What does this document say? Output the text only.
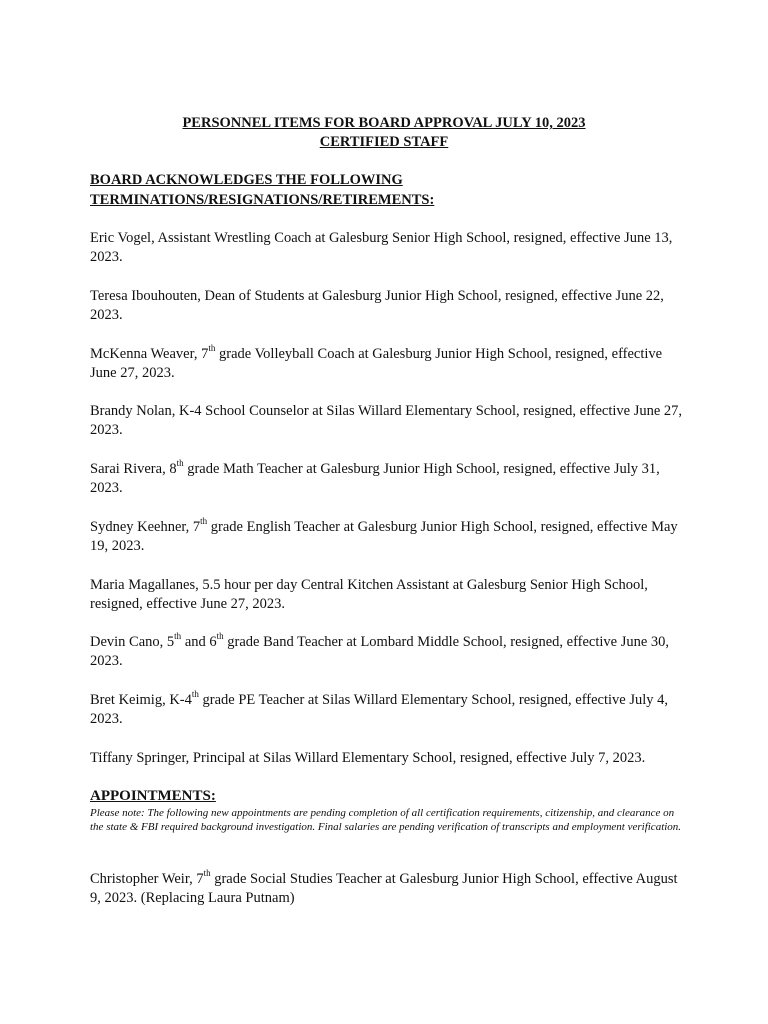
PERSONNEL ITEMS FOR BOARD APPROVAL JULY 10, 2023
CERTIFIED STAFF
BOARD ACKNOWLEDGES THE FOLLOWING
TERMINATIONS/RESIGNATIONS/RETIREMENTS:
Eric Vogel, Assistant Wrestling Coach at Galesburg Senior High School, resigned, effective June 13, 2023.
Teresa Ibouhouten, Dean of Students at Galesburg Junior High School, resigned, effective June 22, 2023.
McKenna Weaver, 7th grade Volleyball Coach at Galesburg Junior High School, resigned, effective June 27, 2023.
Brandy Nolan, K-4 School Counselor at Silas Willard Elementary School, resigned, effective June 27, 2023.
Sarai Rivera, 8th grade Math Teacher at Galesburg Junior High School, resigned, effective July 31, 2023.
Sydney Keehner, 7th grade English Teacher at Galesburg Junior High School, resigned, effective May 19, 2023.
Maria Magallanes, 5.5 hour per day Central Kitchen Assistant at Galesburg Senior High School, resigned, effective June 27, 2023.
Devin Cano, 5th and 6th grade Band Teacher at Lombard Middle School, resigned, effective June 30, 2023.
Bret Keimig, K-4th grade PE Teacher at Silas Willard Elementary School, resigned, effective July 4, 2023.
Tiffany Springer, Principal at Silas Willard Elementary School, resigned, effective July 7, 2023.
APPOINTMENTS:
Please note: The following new appointments are pending completion of all certification requirements, citizenship, and clearance on the state & FBI required background investigation. Final salaries are pending verification of transcripts and employment verification.
Christopher Weir, 7th grade Social Studies Teacher at Galesburg Junior High School, effective August 9, 2023. (Replacing Laura Putnam)
